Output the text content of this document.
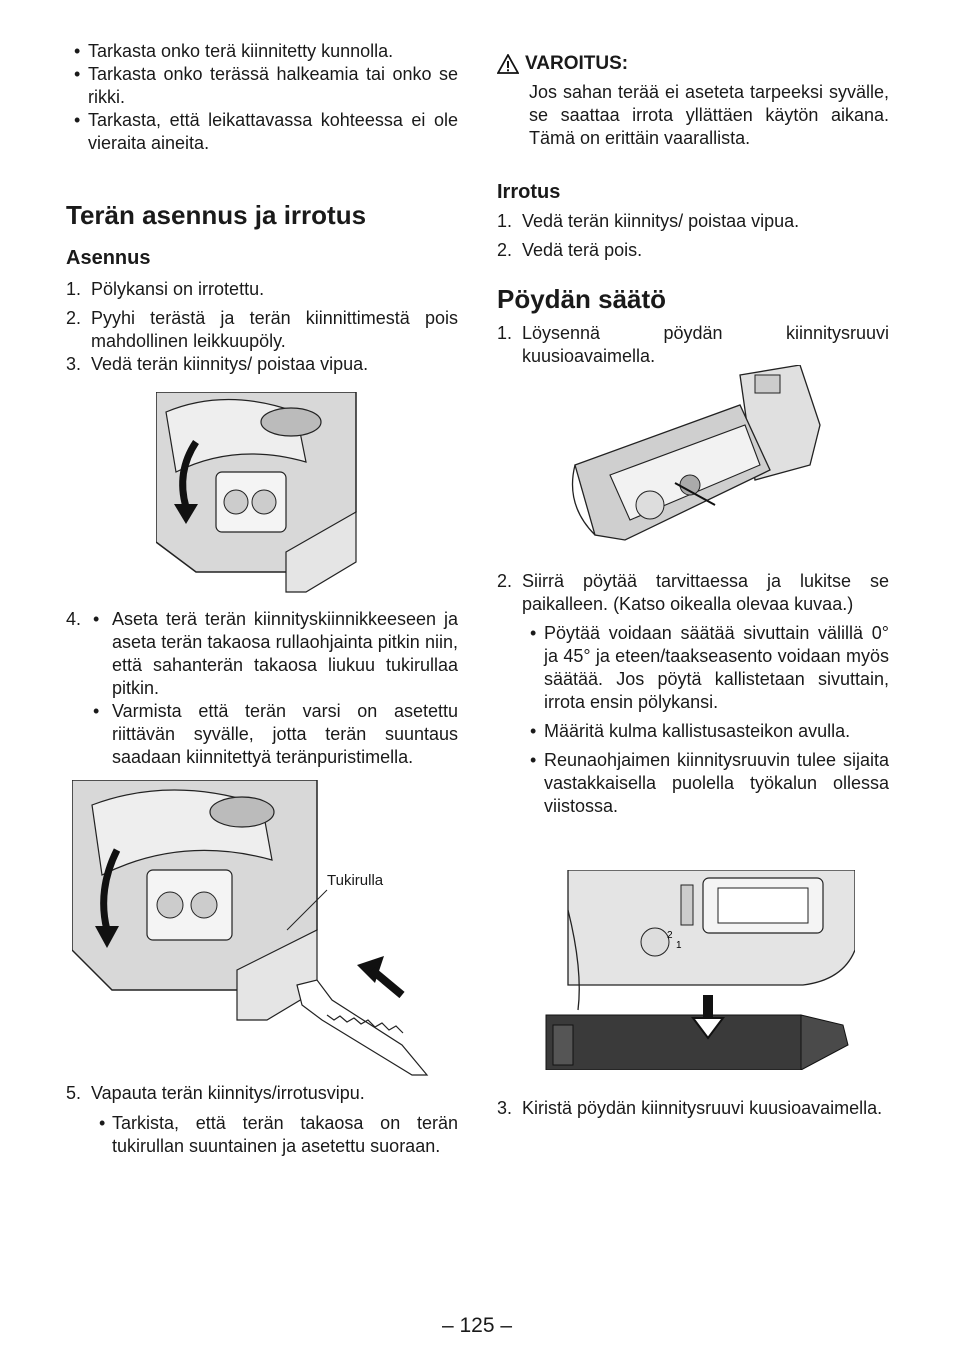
• Tarkasta onko terä kiinnitetty kunnolla.
• Tarkasta onko terässä halkeamia tai onko se rikki.
• Tarkasta, että leikattavassa kohteessa ei ole vieraita aineita.
Terän asennus ja irrotus
Asennus
1. Pölykansi on irrotettu.
2. Pyyhi terästä ja terän kiinnittimestä pois mahdollinen leikkuupöly.
3. Vedä terän kiinnitys/ poistaa vipua.
4. • Aseta terä terän kiinnityskiinnikkeeseen ja aseta terän takaosa rullaohjainta pitkin niin, että sahanterän takaosa liukuu tukirullaa pitkin.
• Varmista että terän varsi on asetettu riittävän syvälle, jotta terän suuntaus saadaan kiinnitettyä teränpuristimella.
Tukirulla
5. Vapauta terän kiinnitys/irrotusvipu.
• Tarkista, että terän takaosa on terän tukirullan suuntainen ja asetettu suoraan.
VAROITUS:
Jos sahan terää ei aseteta tarpeeksi syvälle, se saattaa irrota yllättäen käytön aikana. Tämä on erittäin vaarallista.
Irrotus
1. Vedä terän kiinnitys/ poistaa vipua.
2. Vedä terä pois.
Pöydän säätö
1. Löysennä pöydän kiinnitysruuvi kuusioavaimella.
2. Siirrä pöytää tarvittaessa ja lukitse se paikalleen. (Katso oikealla olevaa kuvaa.)
• Pöytää voidaan säätää sivuttain välillä 0° ja 45° ja eteen/taakseasento voidaan myös säätää. Jos pöytä kallistetaan sivuttain, irrota ensin pölykansi.
• Määritä kulma kallistusasteikon avulla.
• Reunaohjaimen kiinnitysruuvin tulee sijaita vastakkaisella puolella työkalun ollessa viistossa.
1
2
3. Kiristä pöydän kiinnitysruuvi kuusioavaimella.
– 125 –
